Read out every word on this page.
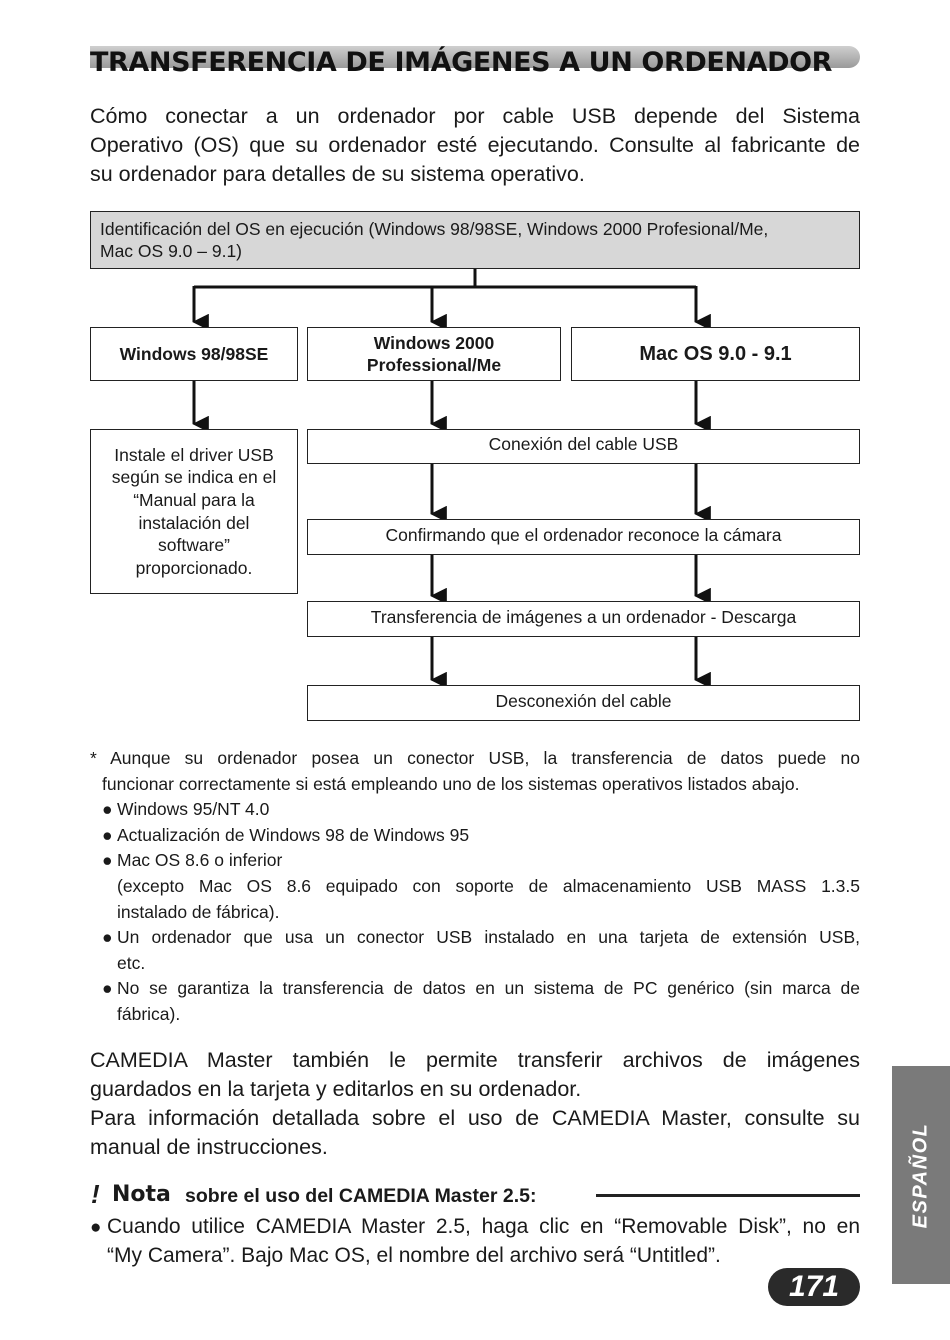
TRANSFERENCIA DE IMÁGENES A UN ORDENADOR
Cómo conectar a un ordenador por cable USB depende del Sistema
Operativo (OS) que su ordenador esté ejecutando. Consulte al fabricante de
su ordenador para detalles de su sistema operativo.
Identificación del OS en ejecución (Windows 98/98SE, Windows 2000 Profesional/Me,
Mac OS 9.0 – 9.1)
Windows 98/98SE
Windows 2000
Professional/Me	Mac OS 9.0 - 9.1
Instale el driver USB
según se indica en el
“Manual para la
instalación del
software”
proporcionado.
Conexión del cable USB
Confirmando que el ordenador reconoce la cámara
Transferencia de imágenes a un ordenador - Descarga
Desconexión del cable
* Aunque su ordenador posea un conector USB, la transferencia de datos puede no
funcionar correctamente si está empleando uno de los sistemas operativos listados abajo.
● Windows 95/NT 4.0
● Actualización de Windows 98 de Windows 95
● Mac OS 8.6 o inferior
(excepto Mac OS 8.6 equipado con soporte de almacenamiento USB MASS 1.3.5
instalado de fábrica).
● Un ordenador que usa un conector USB instalado en una tarjeta de extensión USB,
etc.
● No se garantiza la transferencia de datos en un sistema de PC genérico (sin marca de
fábrica).
CAMEDIA Master también le permite transferir archivos de imágenes
guardados en la tarjeta y editarlos en su ordenador.
Para información detallada sobre el uso de CAMEDIA Master, consulte su
manual de instrucciones.
! Nota sobre el uso del CAMEDIA Master 2.5:
● Cuando utilice CAMEDIA Master 2.5, haga clic en “Removable Disk”, no en
“My Camera”. Bajo Mac OS, el nombre del archivo será “Untitled”.
ESPAÑOL
171
